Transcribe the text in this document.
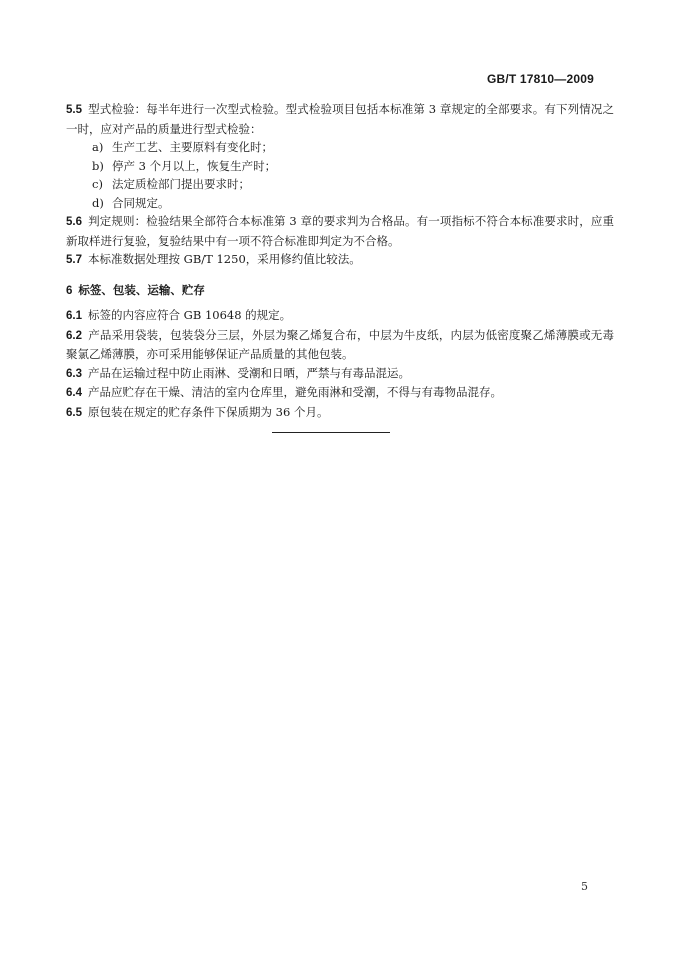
GB/T 17810—2009

5.5 型式检验：每半年进行一次型式检验。型式检验项目包括本标准第 3 章规定的全部要求。有下列情况之一时，应对产品的质量进行型式检验：

a) 生产工艺、主要原料有变化时；

b) 停产 3 个月以上，恢复生产时；

c) 法定质检部门提出要求时；

d) 合同规定。

5.6 判定规则：检验结果全部符合本标准第 3 章的要求判为合格品。有一项指标不符合本标准要求时，应重新取样进行复验，复验结果中有一项不符合标准即判定为不合格。

5.7 本标准数据处理按 GB/T 1250，采用修约值比较法。

6 标签、包装、运输、贮存

6.1 标签的内容应符合 GB 10648 的规定。

6.2 产品采用袋装，包装袋分三层，外层为聚乙烯复合布，中层为牛皮纸，内层为低密度聚乙烯薄膜或无毒聚氯乙烯薄膜，亦可采用能够保证产品质量的其他包装。

6.3 产品在运输过程中防止雨淋、受潮和日晒，严禁与有毒品混运。

6.4 产品应贮存在干燥、清洁的室内仓库里，避免雨淋和受潮，不得与有毒物品混存。

6.5 原包装在规定的贮存条件下保质期为 36 个月。

5
